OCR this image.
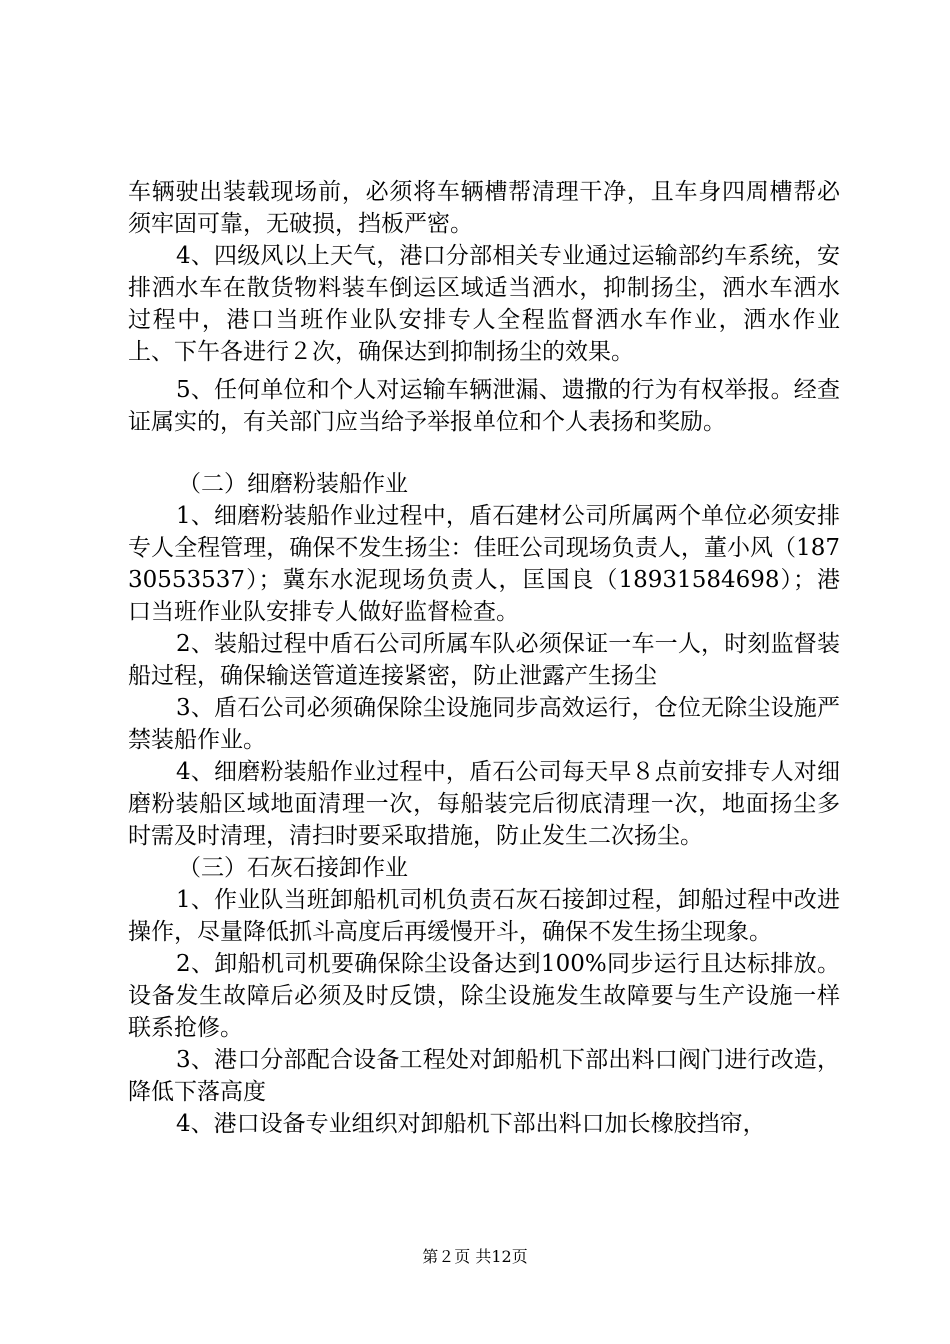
车辆驶出装载现场前，必须将车辆槽帮清理干净，且车身四周槽帮必须牢固可靠，无破损，挡板严密。

4、四级风以上天气，港口分部相关专业通过运输部约车系统，安排洒水车在散货物料装车倒运区域适当洒水，抑制扬尘，洒水车洒水过程中，港口当班作业队安排专人全程监督洒水车作业，洒水作业上、下午各进行２次，确保达到抑制扬尘的效果。

5、任何单位和个人对运输车辆泄漏、遗撒的行为有权举报。经查证属实的，有关部门应当给予举报单位和个人表扬和奖励。

（二）细磨粉装船作业

1、细磨粉装船作业过程中，盾石建材公司所属两个单位必须安排专人全程管理，确保不发生扬尘：佳旺公司现场负责人，董小风（18730553537）；冀东水泥现场负责人，匡国良（18931584698）；港口当班作业队安排专人做好监督检查。

2、装船过程中盾石公司所属车队必须保证一车一人，时刻监督装船过程，确保输送管道连接紧密，防止泄露产生扬尘

3、盾石公司必须确保除尘设施同步高效运行，仓位无除尘设施严禁装船作业。

4、细磨粉装船作业过程中，盾石公司每天早８点前安排专人对细磨粉装船区域地面清理一次，每船装完后彻底清理一次，地面扬尘多时需及时清理，清扫时要采取措施，防止发生二次扬尘。

（三）石灰石接卸作业

1、作业队当班卸船机司机负责石灰石接卸过程，卸船过程中改进操作，尽量降低抓斗高度后再缓慢开斗，确保不发生扬尘现象。

2、卸船机司机要确保除尘设备达到100%同步运行且达标排放。设备发生故障后必须及时反馈，除尘设施发生故障要与生产设施一样联系抢修。

3、港口分部配合设备工程处对卸船机下部出料口阀门进行改造，降低下落高度

4、港口设备专业组织对卸船机下部出料口加长橡胶挡帘，

第２页 共12页
